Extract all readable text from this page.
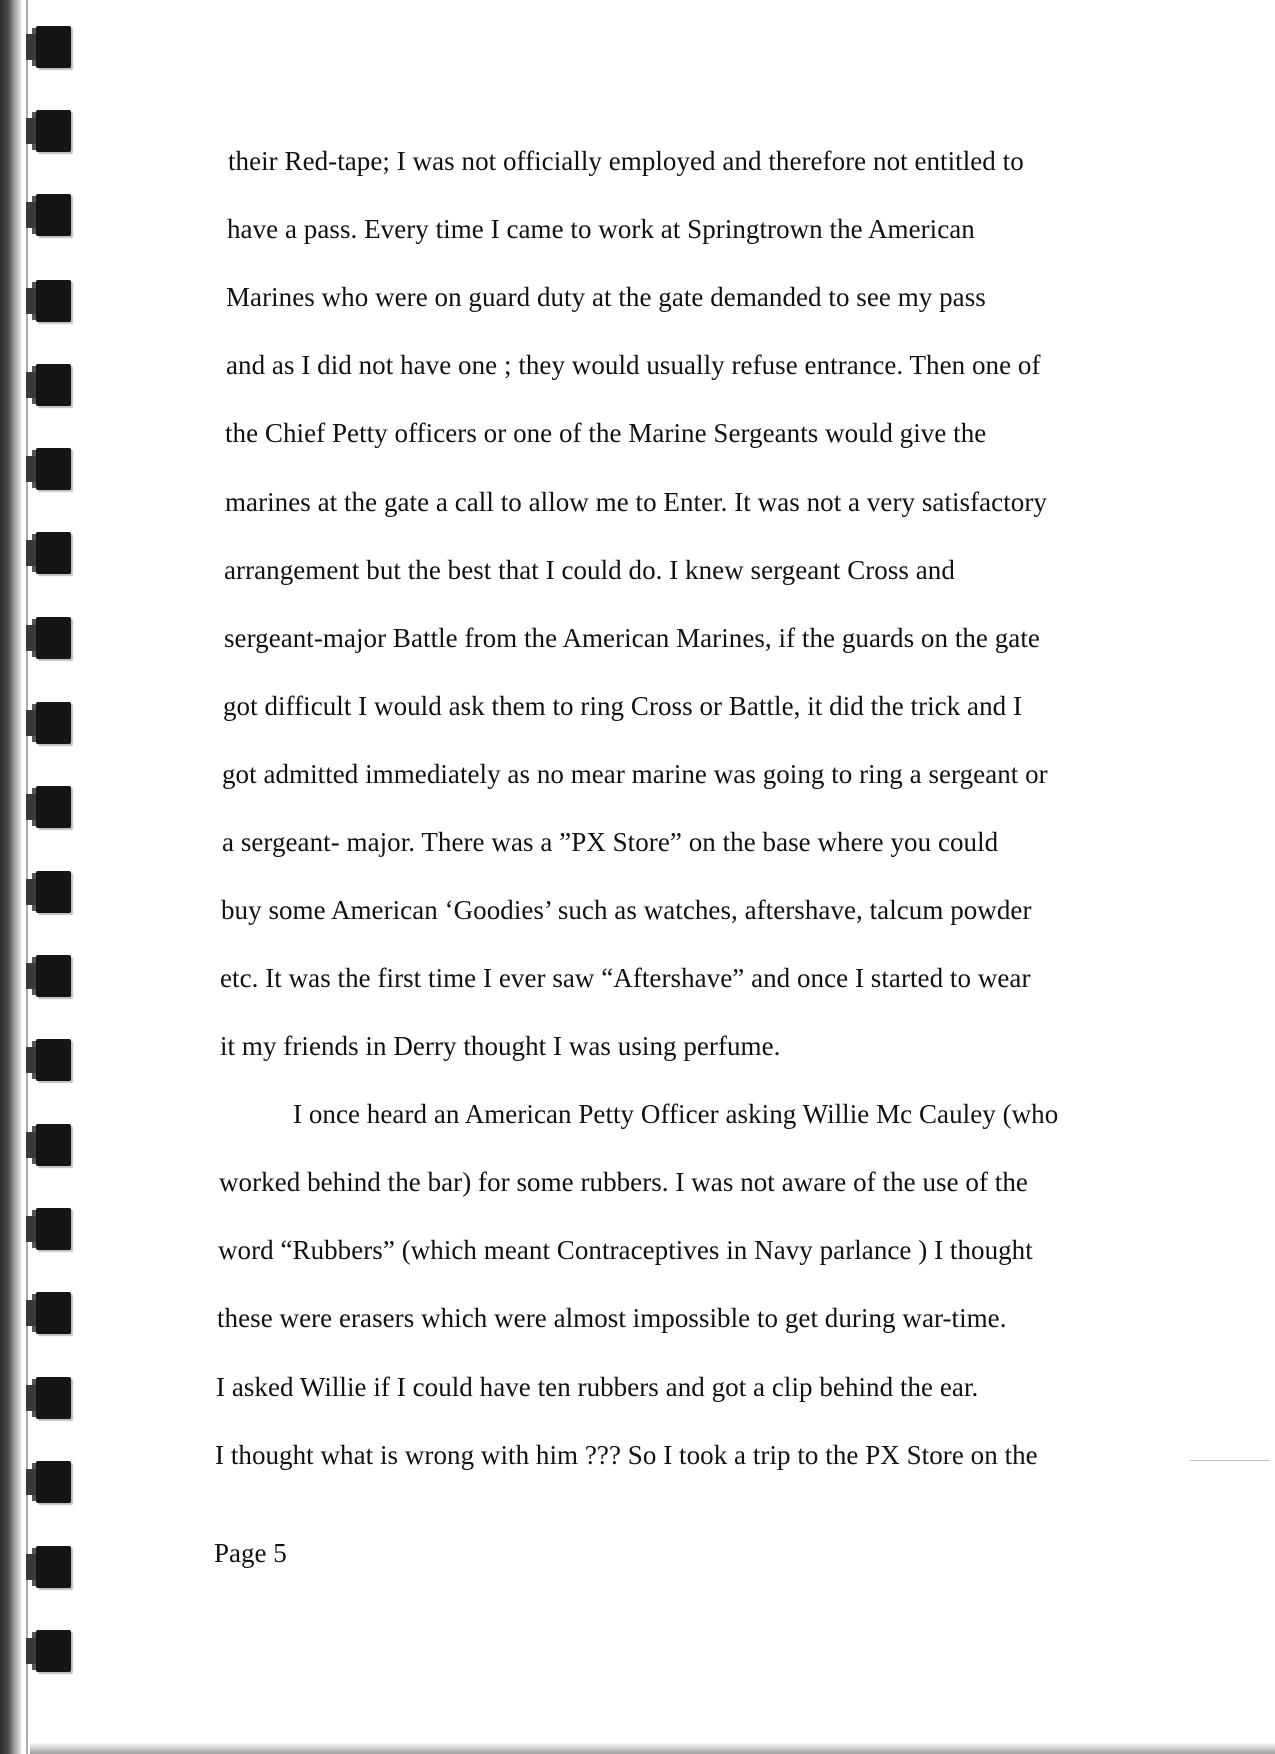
their Red-tape; I was not officially employed and therefore not entitled to
have a pass. Every time I came to work at Springtrown the American
Marines who were on guard duty at the gate demanded to see my pass
and as I did not have one ; they would usually refuse entrance. Then one of
the Chief Petty officers or one of the Marine Sergeants would give the
marines at the gate a call to allow me to Enter. It was not a very satisfactory
arrangement but the best that I could do. I knew sergeant Cross and
sergeant-major Battle from the American Marines, if the guards on the gate
got difficult I would ask them to ring Cross or Battle, it did the trick and I
got admitted immediately as no mear marine was going to ring a sergeant or
a sergeant- major. There was a ”PX Store” on the base where you could
buy some American ‘Goodies’ such as watches, aftershave, talcum powder
etc. It was the first time I ever saw “Aftershave” and once I started to wear
it my friends in Derry thought I was using perfume.
I once heard an American Petty Officer asking Willie Mc Cauley (who
worked behind the bar) for some rubbers. I was not aware of the use of the
word “Rubbers” (which meant Contraceptives in Navy parlance ) I thought
these were erasers which were almost impossible to get during war-time.
I asked Willie if I could have ten rubbers and got a clip behind the ear.
I thought what is wrong with him ??? So I took a trip to the PX Store on the
Page 5
